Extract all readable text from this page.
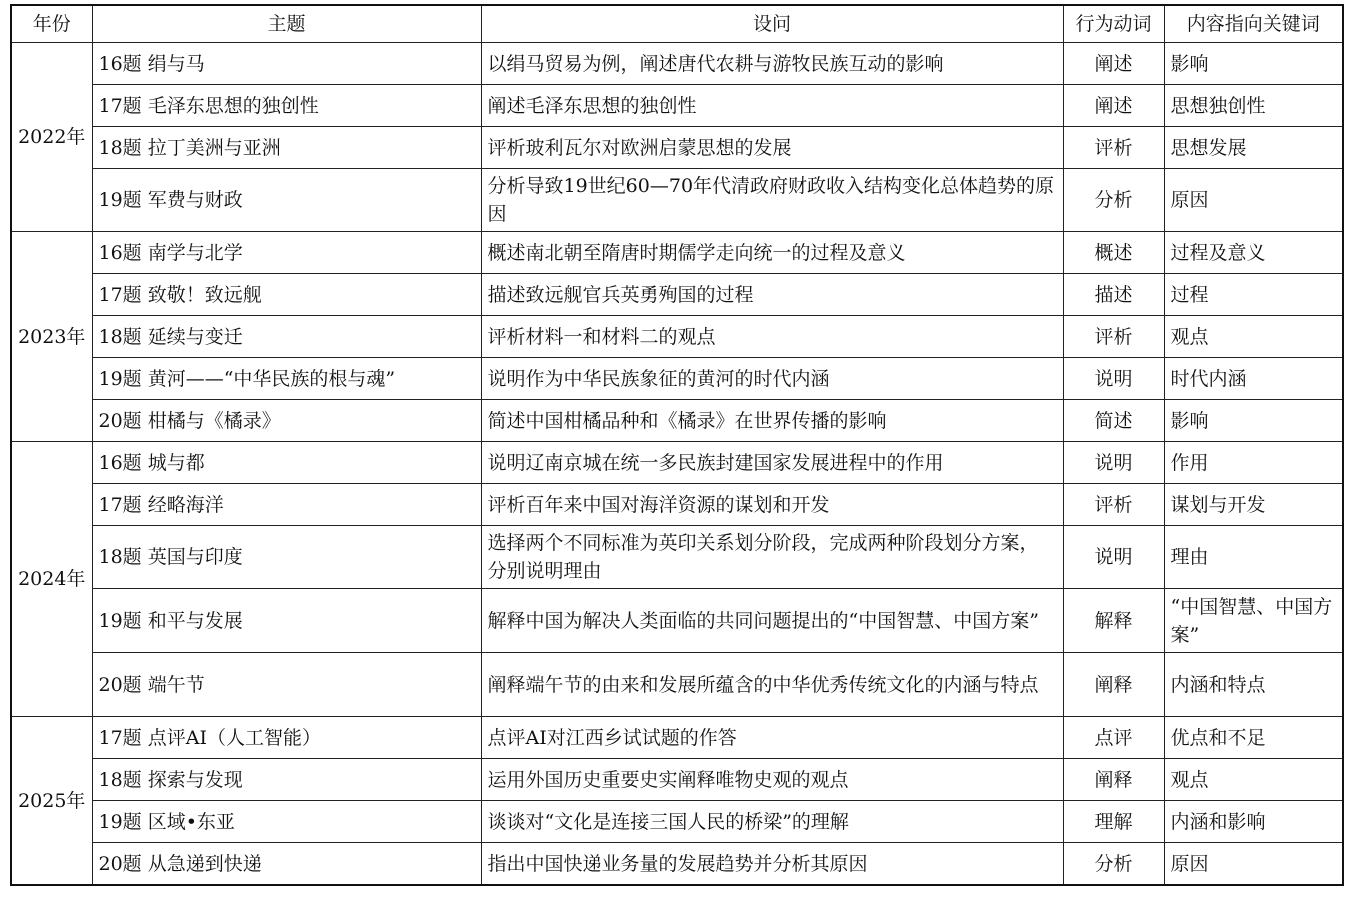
年份	主题	设问	行为动词	内容指向关键词
2022年	16题 绢与马	以绢马贸易为例，阐述唐代农耕与游牧民族互动的影响	阐述	影响
	17题 毛泽东思想的独创性	阐述毛泽东思想的独创性	阐述	思想独创性
	18题 拉丁美洲与亚洲	评析玻利瓦尔对欧洲启蒙思想的发展	评析	思想发展
	19题 军费与财政	分析导致19世纪60—70年代清政府财政收入结构变化总体趋势的原因	分析	原因
2023年	16题 南学与北学	概述南北朝至隋唐时期儒学走向统一的过程及意义	概述	过程及意义
	17题 致敬！致远舰	描述致远舰官兵英勇殉国的过程	描述	过程
	18题 延续与变迁	评析材料一和材料二的观点	评析	观点
	19题 黄河——“中华民族的根与魂”	说明作为中华民族象征的黄河的时代内涵	说明	时代内涵
	20题 柑橘与《橘录》	简述中国柑橘品种和《橘录》在世界传播的影响	简述	影响
2024年	16题 城与都	说明辽南京城在统一多民族封建国家发展进程中的作用	说明	作用
	17题 经略海洋	评析百年来中国对海洋资源的谋划和开发	评析	谋划与开发
	18题 英国与印度	选择两个不同标准为英印关系划分阶段，完成两种阶段划分方案，分别说明理由	说明	理由
	19题 和平与发展	解释中国为解决人类面临的共同问题提出的“中国智慧、中国方案”	解释	“中国智慧、中国方案”
	20题 端午节	阐释端午节的由来和发展所蕴含的中华优秀传统文化的内涵与特点	阐释	内涵和特点
2025年	17题 点评AI（人工智能）	点评AI对江西乡试试题的作答	点评	优点和不足
	18题 探索与发现	运用外国历史重要史实阐释唯物史观的观点	阐释	观点
	19题 区域•东亚	谈谈对“文化是连接三国人民的桥梁”的理解	理解	内涵和影响
	20题 从急递到快递	指出中国快递业务量的发展趋势并分析其原因	分析	原因
